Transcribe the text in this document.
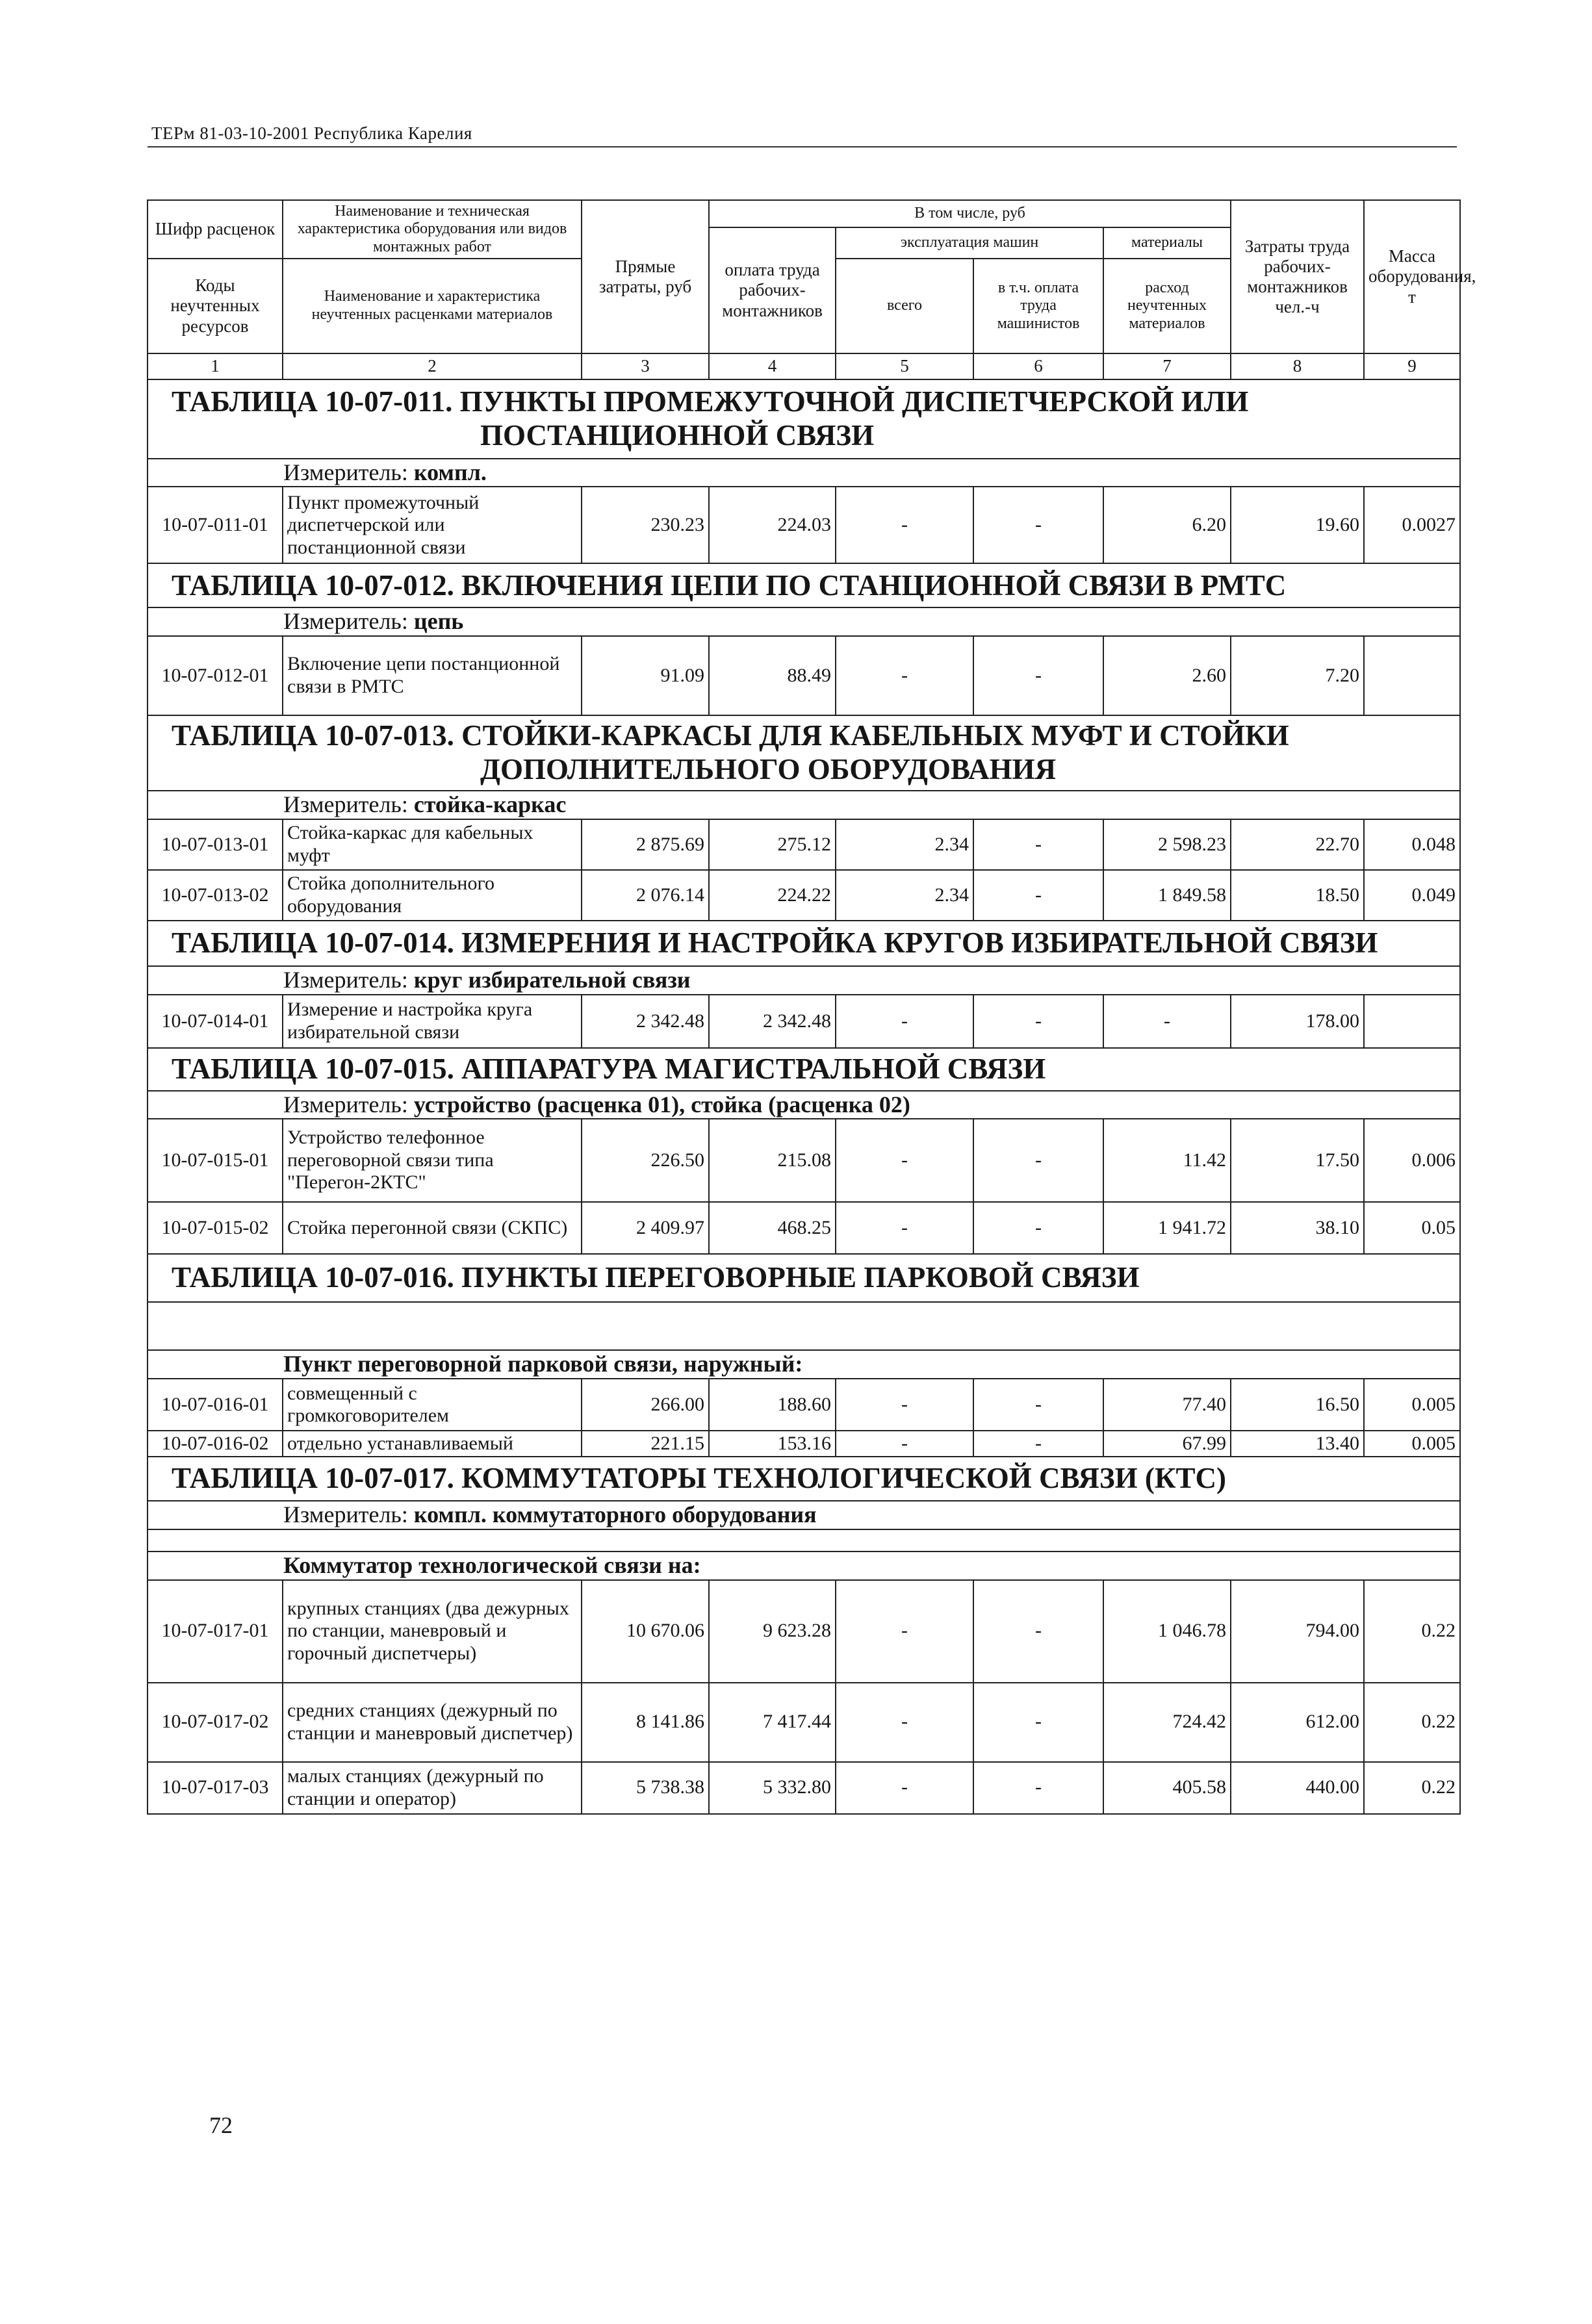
ТЕРм 81-03-10-2001 Республика Карелия
Шифр расценок	Наименование и техническая характеристика оборудования или видов монтажных работ	Прямые затраты, руб	В том числе, руб				Затраты труда рабочих-монтажников чел.-ч	Масса оборудования, т
			оплата труда рабочих-монтажников	эксплуатация машин		материалы		
Коды неучтенных ресурсов	Наименование и характеристика неучтенных расценками материалов			всего	в т.ч. оплата труда машинистов	расход неучтенных материалов		

1	2	3	4	5	6	7	8	9
ТАБЛИЦА 10-07-011. ПУНКТЫ ПРОМЕЖУТОЧНОЙ ДИСПЕТЧЕРСКОЙ ИЛИ
ПОСТАНЦИОННОЙ СВЯЗИ								

Измеритель: компл.								
10-07-011-01	Пункт промежуточный диспетчерской или постанционной связи	230.23	224.03	-	-	6.20	19.60	0.0027
ТАБЛИЦА 10-07-012. ВКЛЮЧЕНИЯ ЦЕПИ ПО СТАНЦИОННОЙ СВЯЗИ В РМТС								
Измеритель: цепь								
10-07-012-01	Включение цепи постанционной связи в РМТС	91.09	88.49	-	-	2.60	7.20	
ТАБЛИЦА 10-07-013. СТОЙКИ-КАРКАСЫ ДЛЯ КАБЕЛЬНЫХ МУФТ И СТОЙКИ
ДОПОЛНИТЕЛЬНОГО ОБОРУДОВАНИЯ								

Измеритель: стойка-каркас								
10-07-013-01	Стойка-каркас для кабельных муфт	2 875.69	275.12	2.34	-	2 598.23	22.70	0.048
10-07-013-02	Стойка дополнительного оборудования	2 076.14	224.22	2.34	-	1 849.58	18.50	0.049
ТАБЛИЦА 10-07-014. ИЗМЕРЕНИЯ И НАСТРОЙКА КРУГОВ ИЗБИРАТЕЛЬНОЙ СВЯЗИ								
Измеритель: круг избирательной связи								
10-07-014-01	Измерение и настройка круга избирательной связи	2 342.48	2 342.48	-	-	-	178.00	
ТАБЛИЦА 10-07-015. АППАРАТУРА МАГИСТРАЛЬНОЙ СВЯЗИ								
Измеритель: устройство (расценка 01), стойка (расценка 02)								
10-07-015-01	Устройство телефонное переговорной связи типа "Перегон-2КТС"	226.50	215.08	-	-	11.42	17.50	0.006
10-07-015-02	Стойка перегонной связи (СКПС)	2 409.97	468.25	-	-	1 941.72	38.10	0.05
ТАБЛИЦА 10-07-016. ПУНКТЫ ПЕРЕГОВОРНЫЕ ПАРКОВОЙ СВЯЗИ								

Пункт переговорной парковой связи, наружный:								
10-07-016-01	совмещенный с громкоговорителем	266.00	188.60	-	-	77.40	16.50	0.005
10-07-016-02	отдельно устанавливаемый	221.15	153.16	-	-	67.99	13.40	0.005
ТАБЛИЦА 10-07-017. КОММУТАТОРЫ ТЕХНОЛОГИЧЕСКОЙ СВЯЗИ (КТС)								
Измеритель: компл. коммутаторного оборудования								

Коммутатор технологической связи на:								
10-07-017-01	крупных станциях (два дежурных по станции, маневровый и горочный диспетчеры)	10 670.06	9 623.28	-	-	1 046.78	794.00	0.22
10-07-017-02	средних станциях (дежурный по станции и маневровый диспетчер)	8 141.86	7 417.44	-	-	724.42	612.00	0.22
10-07-017-03	малых станциях (дежурный по станции и оператор)	5 738.38	5 332.80	-	-	405.58	440.00	0.22
72
